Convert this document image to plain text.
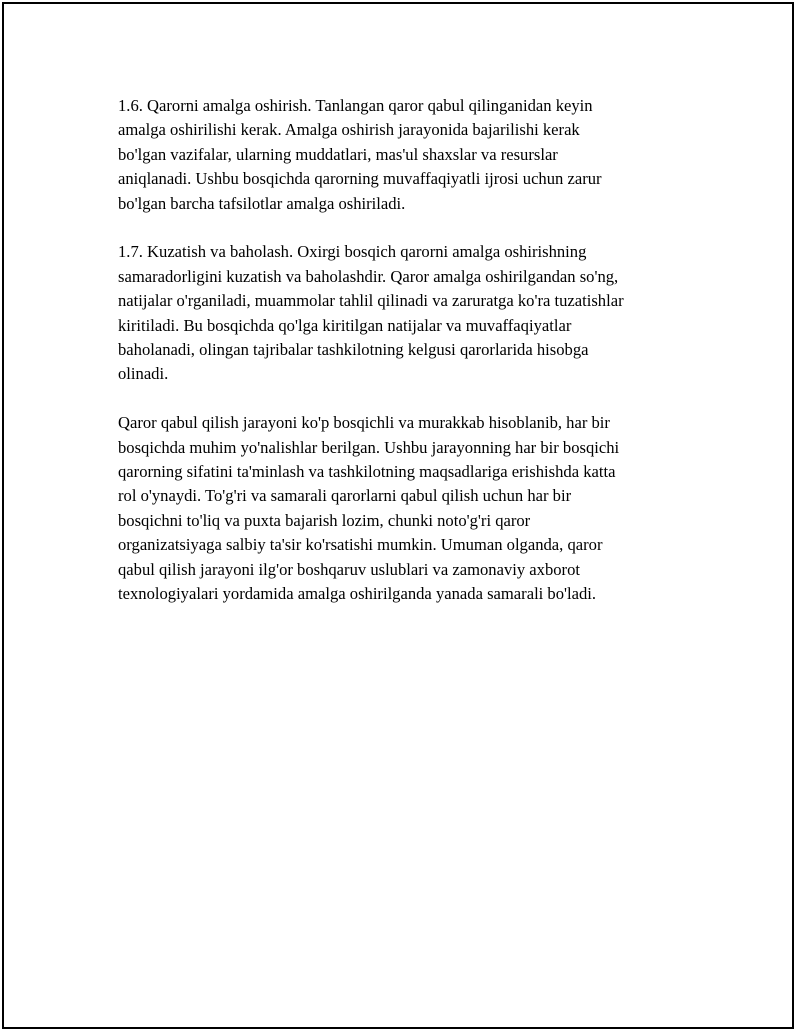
1.6. Qarorni amalga oshirish. Tanlangan qaror qabul qilinganidan keyin
amalga oshirilishi kerak. Amalga oshirish jarayonida bajarilishi kerak
bo'lgan vazifalar, ularning muddatlari, mas'ul shaxslar va resurslar
aniqlanadi. Ushbu bosqichda qarorning muvaffaqiyatli ijrosi uchun zarur
bo'lgan barcha tafsilotlar amalga oshiriladi.

1.7. Kuzatish va baholash. Oxirgi bosqich qarorni amalga oshirishning
samaradorligini kuzatish va baholashdir. Qaror amalga oshirilgandan so'ng,
natijalar o'rganiladi, muammolar tahlil qilinadi va zaruratga ko'ra tuzatishlar
kiritiladi. Bu bosqichda qo'lga kiritilgan natijalar va muvaffaqiyatlar
baholanadi, olingan tajribalar tashkilotning kelgusi qarorlarida hisobga
olinadi.

Qaror qabul qilish jarayoni ko'p bosqichli va murakkab hisoblanib, har bir
bosqichda muhim yo'nalishlar berilgan. Ushbu jarayonning har bir bosqichi
qarorning sifatini ta'minlash va tashkilotning maqsadlariga erishishda katta
rol o'ynaydi. To'g'ri va samarali qarorlarni qabul qilish uchun har bir
bosqichni to'liq va puxta bajarish lozim, chunki noto'g'ri qaror
organizatsiyaga salbiy ta'sir ko'rsatishi mumkin. Umuman olganda, qaror
qabul qilish jarayoni ilg'or boshqaruv uslublari va zamonaviy axborot
texnologiyalari yordamida amalga oshirilganda yanada samarali bo'ladi.
